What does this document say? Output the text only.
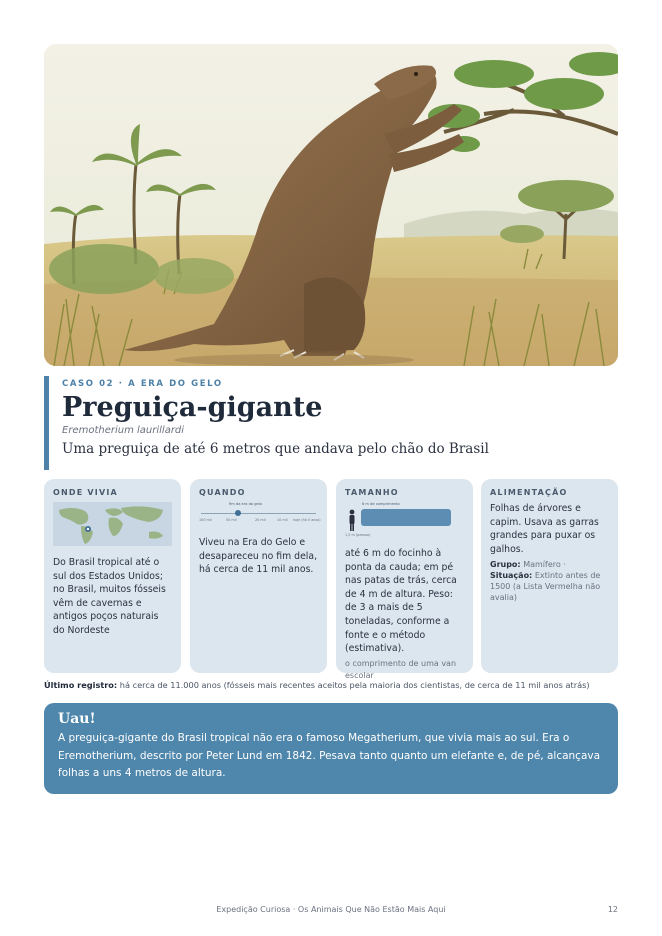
CASO 02 · A ERA DO GELO
Preguiça-gigante
Eremotherium laurillardi
Uma preguiça de até 6 metros que andava pelo chão do Brasil
ONDE VIVIA
Do Brasil tropical até o sul dos Estados Unidos; no Brasil, muitos fósseis vêm de cavernas e antigos poços naturais do Nordeste
QUANDO
fim da era do gelo
100 mil	50 mil	20 mil	10 mil hoje (há 0 anos)
Viveu na Era do Gelo e desapareceu no fim dela, há cerca de 11 mil anos.
TAMANHO
6 m de comprimento
1,5 m (pessoa)
até 6 m do focinho à ponta da cauda; em pé nas patas de trás, cerca de 4 m de altura. Peso: de 3 a mais de 5 toneladas, conforme a fonte e o método (estimativa).
o comprimento de uma van escolar
ALIMENTAÇÃO
Folhas de árvores e capim. Usava as garras grandes para puxar os galhos.
Grupo: Mamífero · Situação: Extinto antes de 1500 (a Lista Vermelha não avalia)
Último registro: há cerca de 11.000 anos (fósseis mais recentes aceitos pela maioria dos cientistas, de cerca de 11 mil anos atrás)
Uau!
A preguiça-gigante do Brasil tropical não era o famoso Megatherium, que vivia mais ao sul. Era o Eremotherium, descrito por Peter Lund em 1842. Pesava tanto quanto um elefante e, de pé, alcançava folhas a uns 4 metros de altura.
Expedição Curiosa · Os Animais Que Não Estão Mais Aqui	12
